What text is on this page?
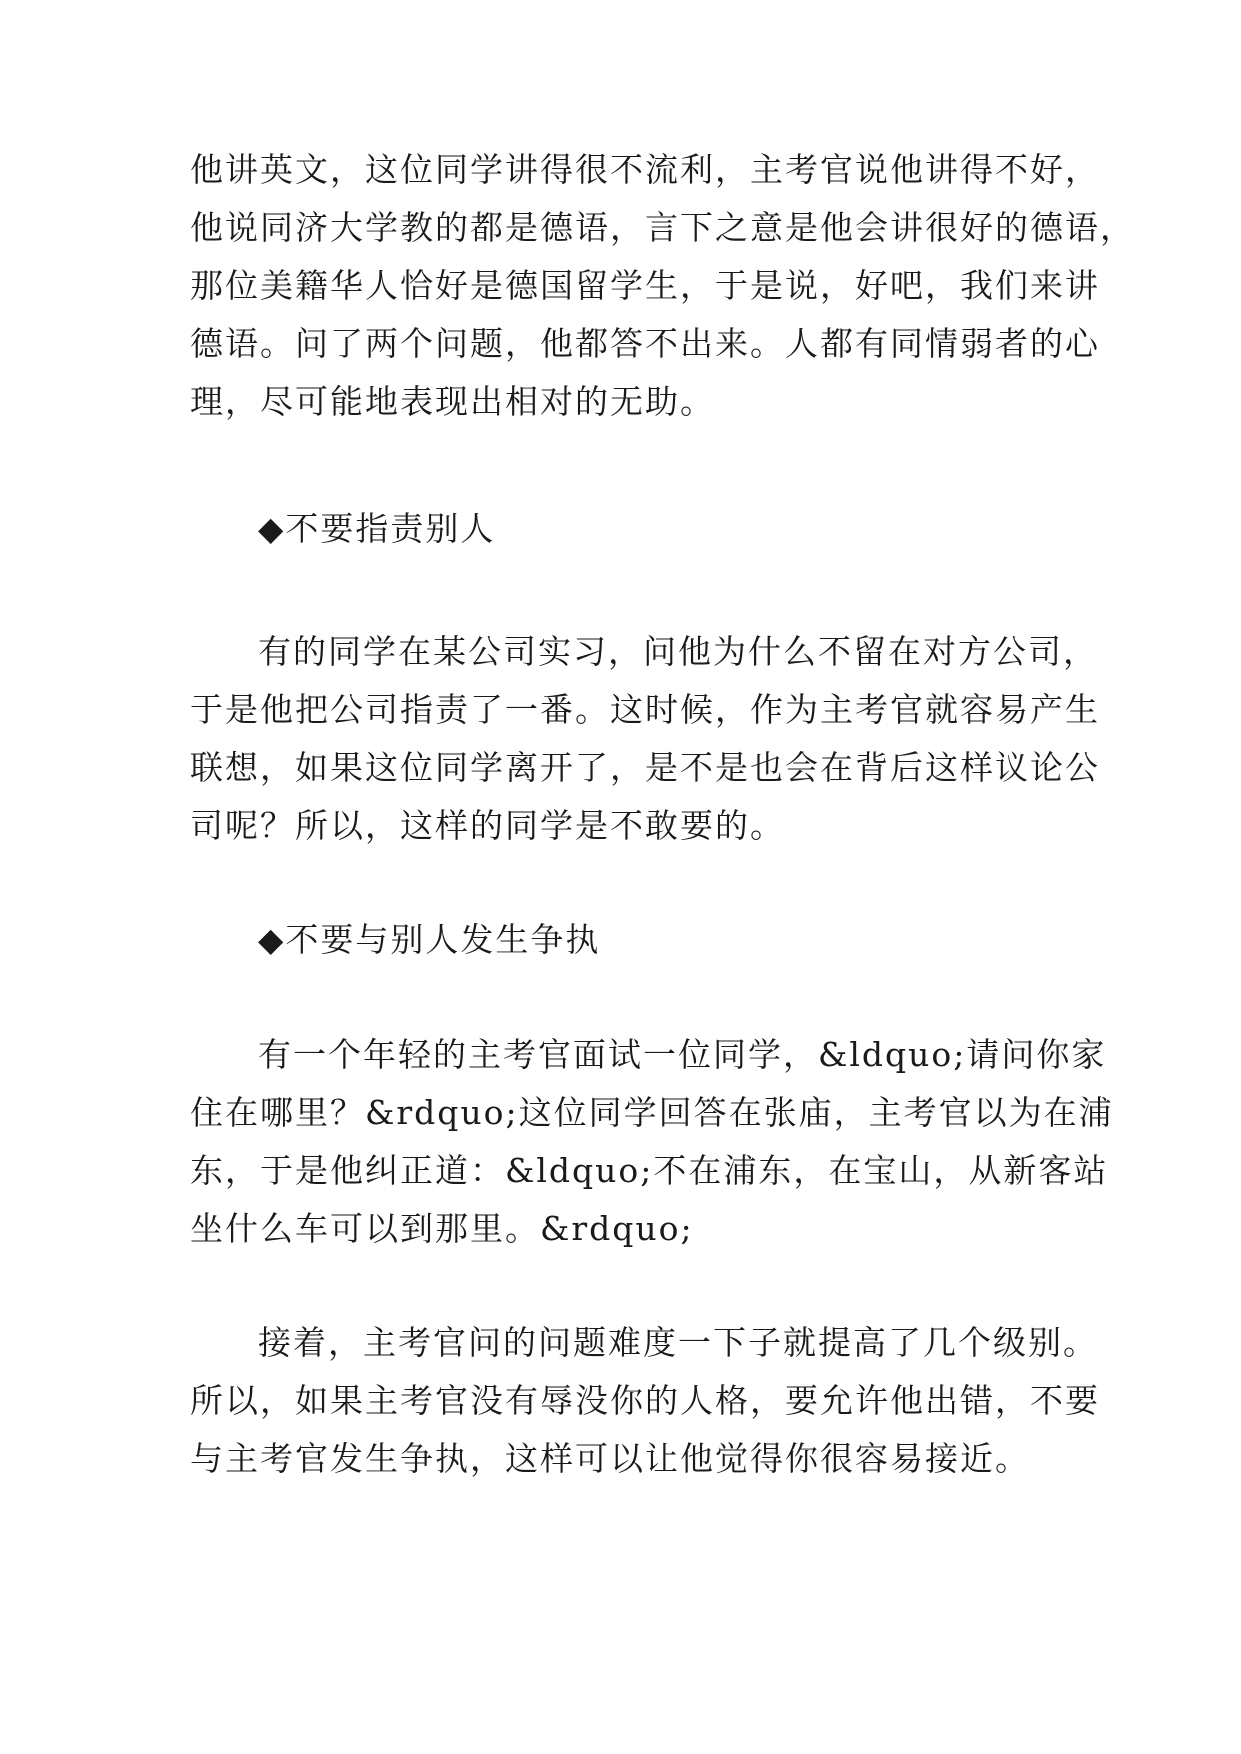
他讲英文，这位同学讲得很不流利，主考官说他讲得不好，
他说同济大学教的都是德语，言下之意是他会讲很好的德语，
那位美籍华人恰好是德国留学生，于是说，好吧，我们来讲
德语。问了两个问题，他都答不出来。人都有同情弱者的心
理，尽可能地表现出相对的无助。
◆不要指责别人
有的同学在某公司实习，问他为什么不留在对方公司，
于是他把公司指责了一番。这时候，作为主考官就容易产生
联想，如果这位同学离开了，是不是也会在背后这样议论公
司呢？所以，这样的同学是不敢要的。
◆不要与别人发生争执
有一个年轻的主考官面试一位同学，&ldquo;请问你家
住在哪里？&rdquo;这位同学回答在张庙，主考官以为在浦
东，于是他纠正道：&ldquo;不在浦东，在宝山，从新客站
坐什么车可以到那里。&rdquo;
接着，主考官问的问题难度一下子就提高了几个级别。
所以，如果主考官没有辱没你的人格，要允许他出错，不要
与主考官发生争执，这样可以让他觉得你很容易接近。
